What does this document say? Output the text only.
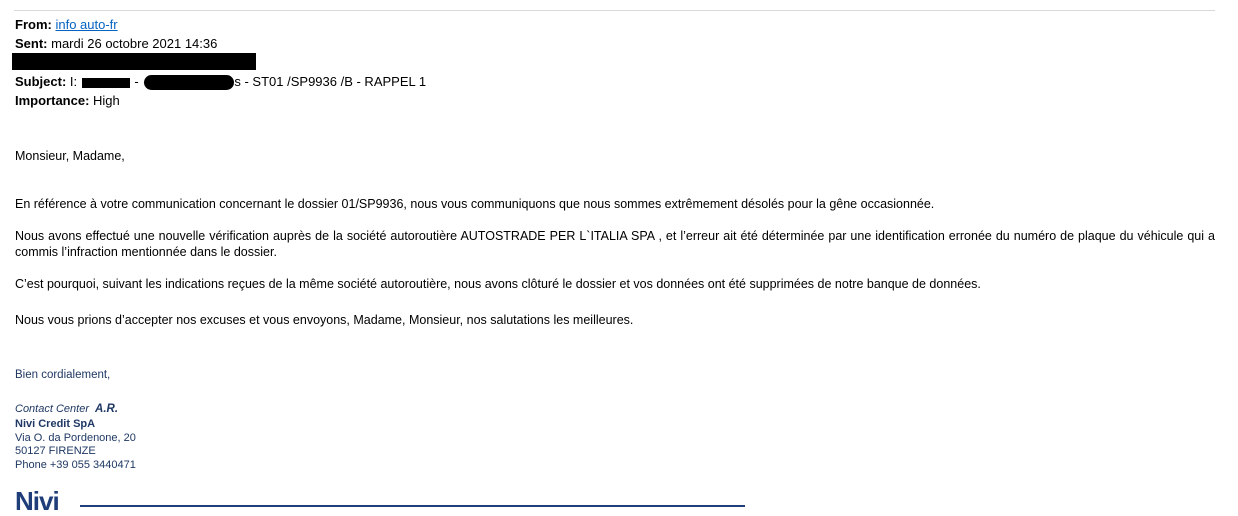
From: info auto-fr
Sent: mardi 26 octobre 2021 14:36
Subject: I:	-	s - ST01 /SP9936 /B - RAPPEL 1
Importance: High
Monsieur, Madame,
En référence à votre communication concernant le dossier 01/SP9936, nous vous communiquons que nous sommes extrêmement désolés pour la gêne occasionnée.
Nous avons effectué une nouvelle vérification auprès de la société autoroutière AUTOSTRADE PER L`ITALIA SPA , et l’erreur ait été déterminée par une identification erronée du numéro de plaque du véhicule qui a commis l’infraction mentionnée dans le dossier.
C’est pourquoi, suivant les indications reçues de la même société autoroutière, nous avons clôturé le dossier et vos données ont été supprimées de notre banque de données.
Nous vous prions d’accepter nos excuses et vous envoyons, Madame, Monsieur, nos salutations les meilleures.
Bien cordialement,
Contact Center A.R.
Nivi Credit SpA
Via O. da Pordenone, 20
50127 FIRENZE
Phone +39 055 3440471
Nivi
